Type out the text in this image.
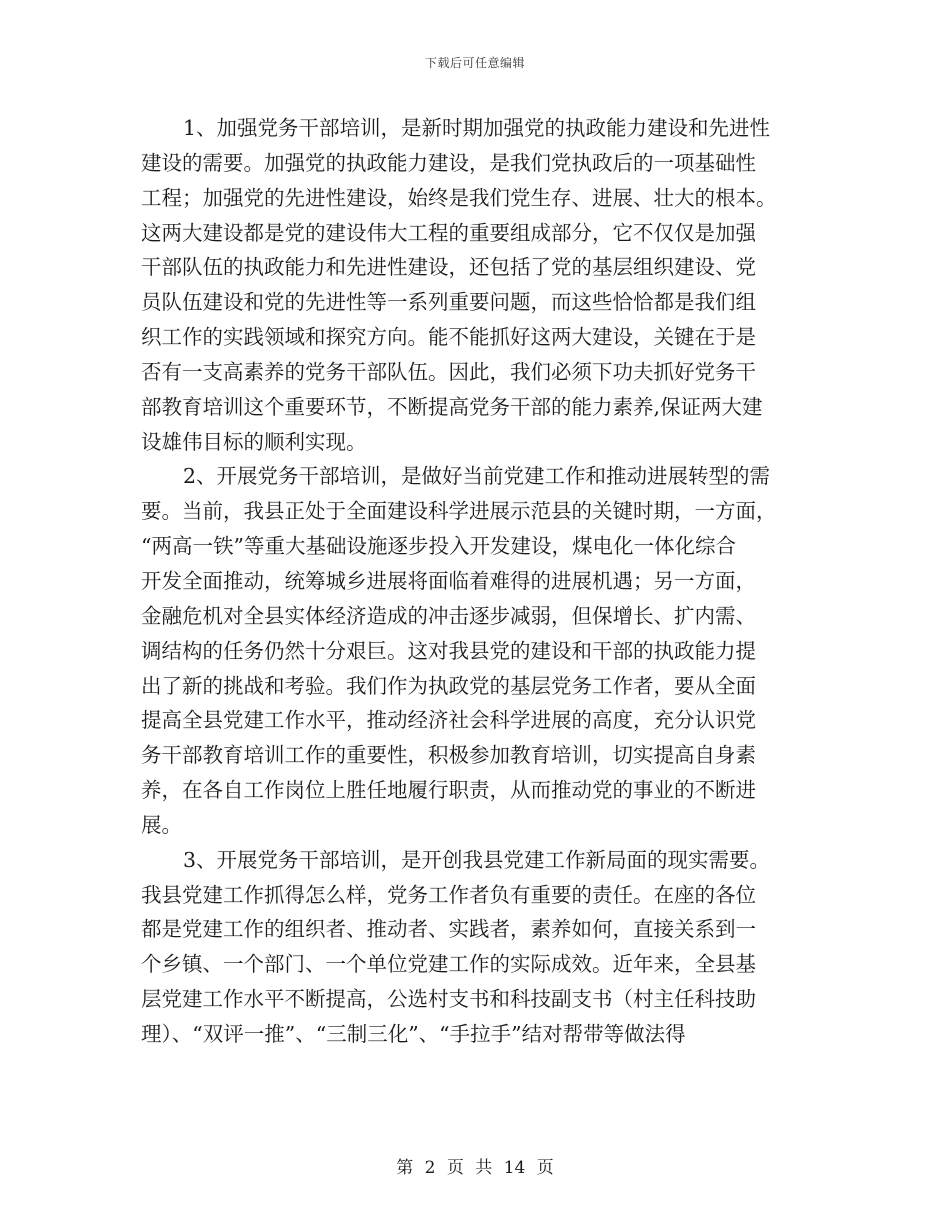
下载后可任意编辑
1、加强党务干部培训，是新时期加强党的执政能力建设和先进性
建设的需要。加强党的执政能力建设，是我们党执政后的一项基础性
工程；加强党的先进性建设，始终是我们党生存、进展、壮大的根本。
这两大建设都是党的建设伟大工程的重要组成部分，它不仅仅是加强
干部队伍的执政能力和先进性建设，还包括了党的基层组织建设、党
员队伍建设和党的先进性等一系列重要问题，而这些恰恰都是我们组
织工作的实践领域和探究方向。能不能抓好这两大建设，关键在于是
否有一支高素养的党务干部队伍。因此，我们必须下功夫抓好党务干
部教育培训这个重要环节，不断提高党务干部的能力素养,保证两大建
设雄伟目标的顺利实现。
2、开展党务干部培训，是做好当前党建工作和推动进展转型的需
要。当前，我县正处于全面建设科学进展示范县的关键时期，一方面，
“两高一铁”等重大基础设施逐步投入开发建设，煤电化一体化综合
开发全面推动，统筹城乡进展将面临着难得的进展机遇；另一方面，
金融危机对全县实体经济造成的冲击逐步减弱，但保增长、扩内需、
调结构的任务仍然十分艰巨。这对我县党的建设和干部的执政能力提
出了新的挑战和考验。我们作为执政党的基层党务工作者，要从全面
提高全县党建工作水平，推动经济社会科学进展的高度，充分认识党
务干部教育培训工作的重要性，积极参加教育培训，切实提高自身素
养，在各自工作岗位上胜任地履行职责，从而推动党的事业的不断进
展。
3、开展党务干部培训，是开创我县党建工作新局面的现实需要。
我县党建工作抓得怎么样，党务工作者负有重要的责任。在座的各位
都是党建工作的组织者、推动者、实践者，素养如何，直接关系到一
个乡镇、一个部门、一个单位党建工作的实际成效。近年来，全县基
层党建工作水平不断提高，公选村支书和科技副支书（村主任科技助
理）、“双评一推”、“三制三化”、“手拉手”结对帮带等做法得
第 2 页 共 14 页
